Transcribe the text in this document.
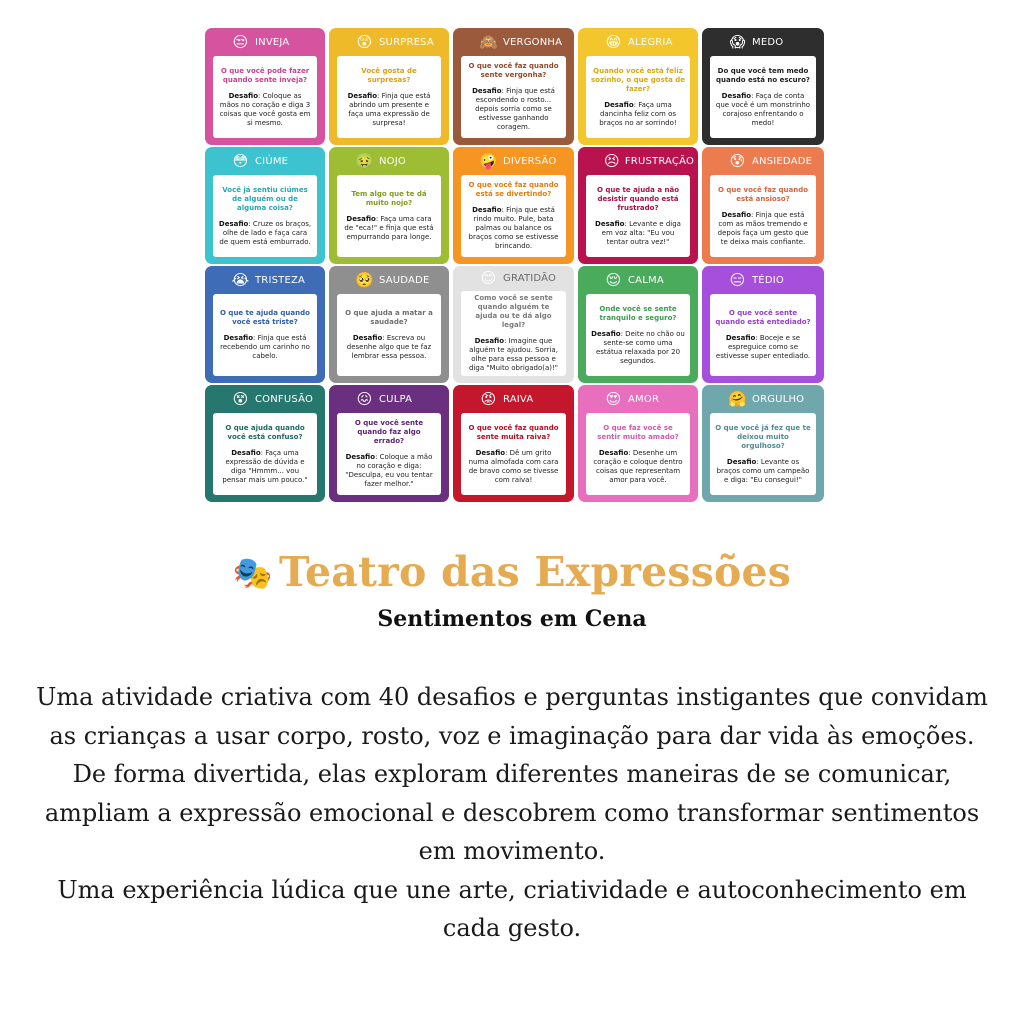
😒 INVEJA
O que você pode fazer quando sente inveja?
Desafio: Coloque as mãos no coração e diga 3 coisas que você gosta em si mesmo.
😲 SURPRESA
Você gosta de surpresas?
Desafio: Finja que está abrindo um presente e faça uma expressão de surpresa!
🙈 VERGONHA
O que você faz quando sente vergonha?
Desafio: Finja que está escondendo o rosto... depois sorria como se estivesse ganhando coragem.
😁 ALEGRIA
Quando você está feliz sozinho, o que gosta de fazer?
Desafio: Faça uma dancinha feliz com os braços no ar sorrindo!
😱 MEDO
Do que você tem medo quando está no escuro?
Desafio: Faça de conta que você é um monstrinho corajoso enfrentando o medo!
😳 CIÚME
Você já sentiu ciúmes de alguém ou de alguma coisa?
Desafio: Cruze os braços, olhe de lado e faça cara de quem está emburrado.
🤢 NOJO
Tem algo que te dá muito nojo?
Desafio: Faça uma cara de "eca!" e finja que está empurrando para longe.
🤪 DIVERSÃO
O que você faz quando está se divertindo?
Desafio: Finja que está rindo muito. Pule, bata palmas ou balance os braços como se estivesse brincando.
😣 FRUSTRAÇÃO
O que te ajuda a não desistir quando está frustrado?
Desafio: Levante e diga em voz alta: "Eu vou tentar outra vez!"
😰 ANSIEDADE
O que você faz quando está ansioso?
Desafio: Finja que está com as mãos tremendo e depois faça um gesto que te deixa mais confiante.
😭 TRISTEZA
O que te ajuda quando você está triste?
Desafio: Finja que está recebendo um carinho no cabelo.
🥺 SAUDADE
O que ajuda a matar a saudade?
Desafio: Escreva ou desenhe algo que te faz lembrar essa pessoa.
😊 GRATIDÃO
Como você se sente quando alguém te ajuda ou te dá algo legal?
Desafio: Imagine que alguém te ajudou. Sorria, olhe para essa pessoa e diga "Muito obrigado(a)!"
😌 CALMA
Onde você se sente tranquilo e seguro?
Desafio: Deite no chão ou sente-se como uma estátua relaxada por 20 segundos.
😑 TÉDIO
O que você sente quando está entediado?
Desafio: Boceje e se espreguice como se estivesse super entediado.
😵 CONFUSÃO
O que ajuda quando você está confuso?
Desafio: Faça uma expressão de dúvida e diga "Hmmm... vou pensar mais um pouco."
😖 CULPA
O que você sente quando faz algo errado?
Desafio: Coloque a mão no coração e diga: "Desculpa, eu vou tentar fazer melhor."
😡 RAIVA
O que você faz quando sente muita raiva?
Desafio: Dê um grito numa almofada com cara de bravo como se tivesse com raiva!
😍 AMOR
O que faz você se sentir muito amado?
Desafio: Desenhe um coração e coloque dentro coisas que representam amor para você.
🤗 ORGULHO
O que você já fez que te deixou muito orgulhoso?
Desafio: Levante os braços como um campeão e diga: "Eu consegui!"
🎭 Teatro das Expressões
Sentimentos em Cena

Uma atividade criativa com 40 desafios e perguntas instigantes que convidam as crianças a usar corpo, rosto, voz e imaginação para dar vida às emoções.

De forma divertida, elas exploram diferentes maneiras de se comunicar, ampliam a expressão emocional e descobrem como transformar sentimentos em movimento.

Uma experiência lúdica que une arte, criatividade e autoconhecimento em cada gesto.
